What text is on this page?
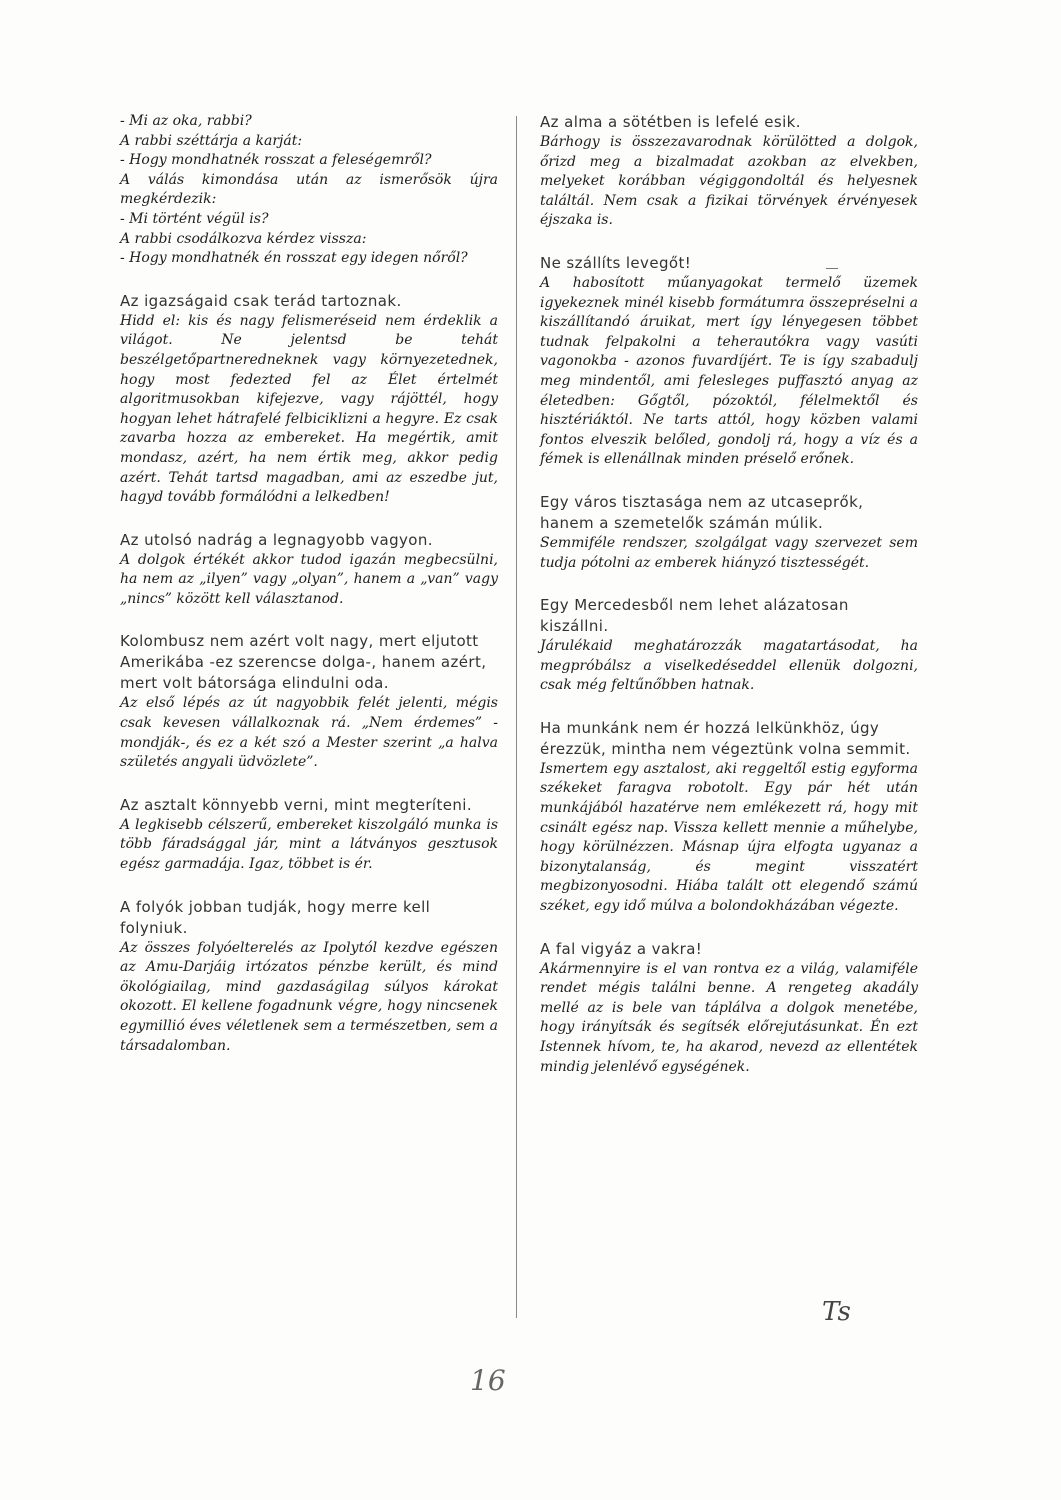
- Mi az oka, rabbi?

A rabbi széttárja a karját:

- Hogy mondhatnék rosszat a feleségemről?

A válás kimondása után az ismerősök újra megkérdezik:

- Mi történt végül is?

A rabbi csodálkozva kérdez vissza:

- Hogy mondhatnék én rosszat egy idegen nőről?

Az igazságaid csak terád tartoznak.

Hidd el: kis és nagy felismeréseid nem érdeklik a világot. Ne jelentsd be tehát beszélgetőpartneredneknek vagy környezetednek, hogy most fedezted fel az Élet értelmét algoritmusokban kifejezve, vagy rájöttél, hogy hogyan lehet hátrafelé felbiciklizni a hegyre. Ez csak zavarba hozza az embereket. Ha megértik, amit mondasz, azért, ha nem értik meg, akkor pedig azért. Tehát tartsd magadban, ami az eszedbe jut, hagyd tovább formálódni a lelkedben!

Az utolsó nadrág a legnagyobb vagyon.

A dolgok értékét akkor tudod igazán megbecsülni, ha nem az „ilyen” vagy „olyan”, hanem a „van” vagy „nincs” között kell választanod.

Kolombusz nem azért volt nagy, mert eljutott Amerikába -ez szerencse dolga-, hanem azért, mert volt bátorsága elindulni oda.

Az első lépés az út nagyobbik felét jelenti, mégis csak kevesen vállalkoznak rá. „Nem érdemes” - mondják-, és ez a két szó a Mester szerint „a halva születés angyali üdvözlete”.

Az asztalt könnyebb verni, mint megteríteni.

A legkisebb célszerű, embereket kiszolgáló munka is több fáradsággal jár, mint a látványos gesztusok egész garmadája. Igaz, többet is ér.

A folyók jobban tudják, hogy merre kell folyniuk.

Az összes folyóelterelés az Ipolytól kezdve egészen az Amu-Darjáig irtózatos pénzbe került, és mind ökológiailag, mind gazdaságilag súlyos károkat okozott. El kellene fogadnunk végre, hogy nincsenek egymillió éves véletlenek sem a természetben, sem a társadalomban.

Az alma a sötétben is lefelé esik.

Bárhogy is összezavarodnak körülötted a dolgok, őrizd meg a bizalmadat azokban az elvekben, melyeket korábban végiggondoltál és helyesnek találtál. Nem csak a fizikai törvények érvényesek éjszaka is.

Ne szállíts levegőt!

A habosított műanyagokat termelő üzemek igyekeznek minél kisebb formátumra összepréselni a kiszállítandó áruikat, mert így lényegesen többet tudnak felpakolni a teherautókra vagy vasúti vagonokba - azonos fuvardíjért. Te is így szabadulj meg mindentől, ami felesleges puffasztó anyag az életedben: Gőgtől, pózoktól, félelmektől és hisztériáktól. Ne tarts attól, hogy közben valami fontos elveszik belőled, gondolj rá, hogy a víz és a fémek is ellenállnak minden préselő erőnek.

Egy város tisztasága nem az utcaseprők, hanem a szemetelők számán múlik.

Semmiféle rendszer, szolgálgat vagy szervezet sem tudja pótolni az emberek hiányzó tisztességét.

Egy Mercedesből nem lehet alázatosan kiszállni.

Járulékaid meghatározzák magatartásodat, ha megpróbálsz a viselkedéseddel ellenük dolgozni, csak még feltűnőbben hatnak.

Ha munkánk nem ér hozzá lelkünkhöz, úgy érezzük, mintha nem végeztünk volna semmit.

Ismertem egy asztalost, aki reggeltől estig egyforma székeket faragva robotolt. Egy pár hét után munkájából hazatérve nem emlékezett rá, hogy mit csinált egész nap. Vissza kellett mennie a műhelybe, hogy körülnézzen. Másnap újra elfogta ugyanaz a bizonytalanság, és megint visszatért megbizonyosodni. Hiába talált ott elegendő számú széket, egy idő múlva a bolondokházában végezte.

A fal vigyáz a vakra!

Akármennyire is el van rontva ez a világ, valamiféle rendet mégis találni benne. A rengeteg akadály mellé az is bele van táplálva a dolgok menetébe, hogy irányítsák és segítsék előrejutásunkat. Én ezt Istennek hívom, te, ha akarod, nevezd az ellentétek mindig jelenlévő egységének.
Ts
16
